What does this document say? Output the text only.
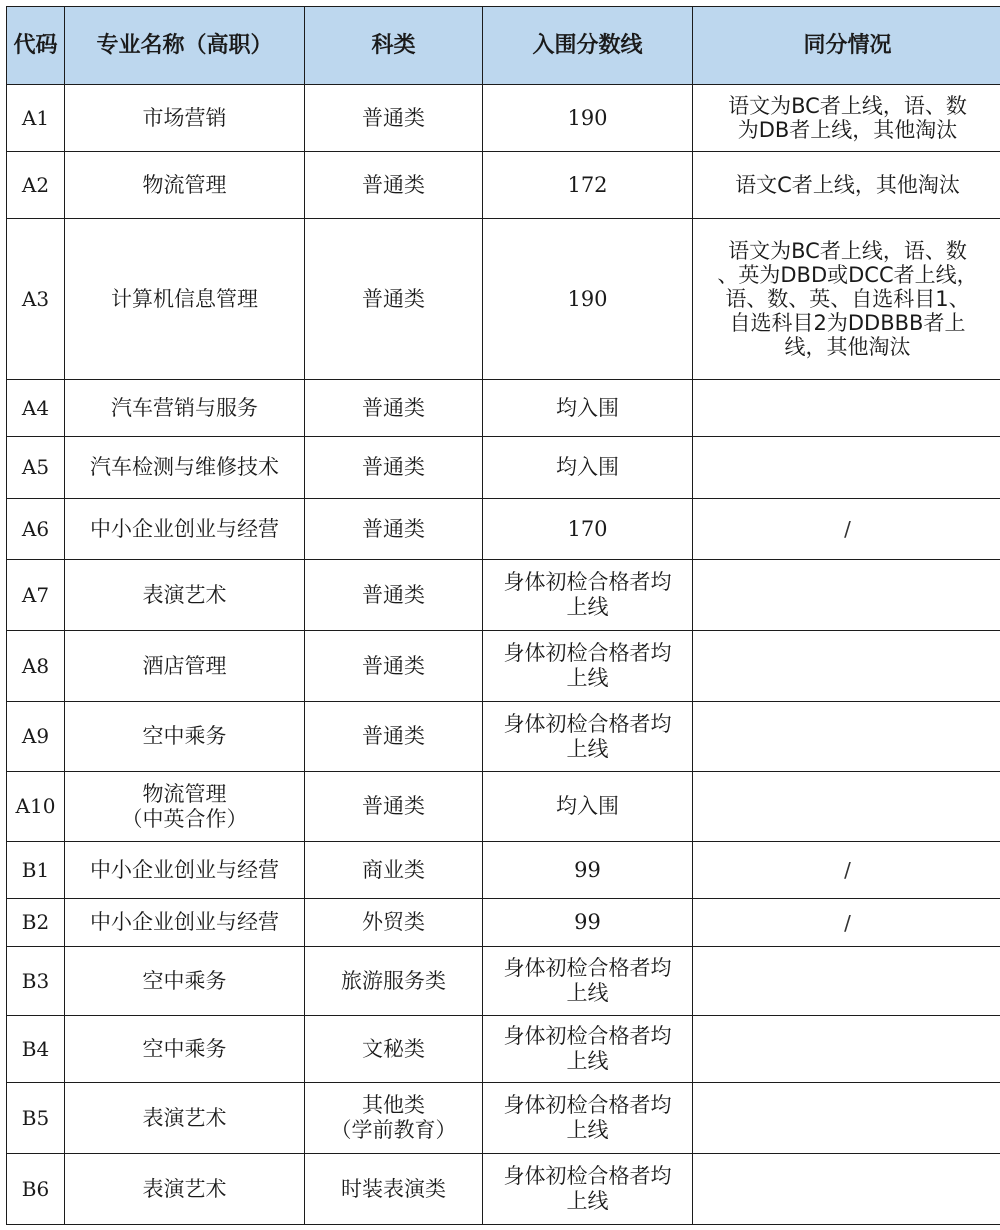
代码	专业名称（高职）	科类	入围分数线	同分情况
A1	市场营销	普通类	190	语文为BC者上线，语、数
为DB者上线，其他淘汰

A2	物流管理	普通类	172	语文C者上线，其他淘汰

A3	计算机信息管理	普通类	190	语文为BC者上线，语、数
、英为DBD或DCC者上线，
语、数、英、自选科目1、
自选科目2为DDBBB者上
线，其他淘汰

A4	汽车营销与服务	普通类	均入围	

A5	汽车检测与维修技术	普通类	均入围	

A6	中小企业创业与经营	普通类	170	/
A7	表演艺术	普通类	身体初检合格者均
上线	

A8	酒店管理	普通类	身体初检合格者均
上线	

A9	空中乘务	普通类	身体初检合格者均
上线	

A10	物流管理
（中英合作）	普通类	均入围	

B1	中小企业创业与经营	商业类	99	/
B2	中小企业创业与经营	外贸类	99	/
B3	空中乘务	旅游服务类	身体初检合格者均
上线	

B4	空中乘务	文秘类	身体初检合格者均
上线	

B5	表演艺术	其他类
（学前教育）	身体初检合格者均
上线	

B6	表演艺术	时装表演类	身体初检合格者均
上线	
